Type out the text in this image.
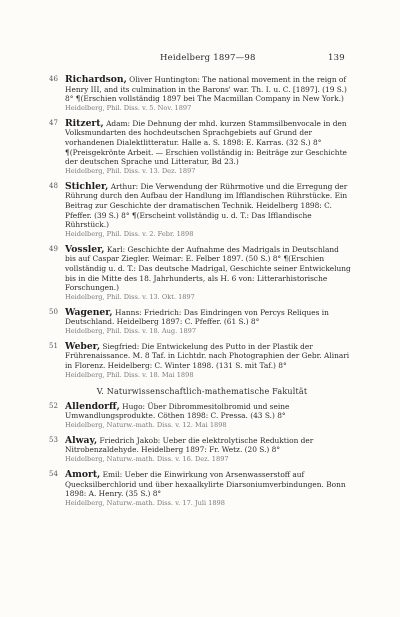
Heidelberg 1897—98	139
46 Richardson, Oliver Huntington: The national movement in the reign of Henry III, and its culmination in the Barons' war. Th. I. u. C. [1897]. (19 S.) 8° ¶(Erschien vollständig 1897 bei The Macmillan Company in New York.)
Heidelberg, Phil. Diss. v. 5. Nov. 1897
47 Ritzert, Adam: Die Dehnung der mhd. kurzen Stammsilbenvocale in den Volksmundarten des hochdeutschen Sprachgebiets auf Grund der vorhandenen Dialektlitteratur. Halle a. S. 1898: E. Karras. (32 S.) 8° ¶(Preisgekrönte Arbeit. — Erschien vollständig in: Beiträge zur Geschichte der deutschen Sprache und Litteratur, Bd 23.)
Heidelberg, Phil. Diss. v. 13. Dez. 1897
48 Stichler, Arthur: Die Verwendung der Rührmotive und die Erregung der Rührung durch den Aufbau der Handlung im Ifflandischen Rührstücke. Ein Beitrag zur Geschichte der dramatischen Technik. Heidelberg 1898: C. Pfeffer. (39 S.) 8° ¶(Erscheint vollständig u. d. T.: Das Ifflandische Rührstück.)
Heidelberg, Phil. Diss. v. 2. Febr. 1898
49 Vossler, Karl: Geschichte der Aufnahme des Madrigals in Deutschland bis auf Caspar Ziegler. Weimar: E. Felber 1897. (50 S.) 8° ¶(Erschien vollständig u. d. T.: Das deutsche Madrigal, Geschichte seiner Entwickelung bis in die Mitte des 18. Jahrhunderts, als H. 6 von: Litterarhistorische Forschungen.)
Heidelberg, Phil. Diss. v. 13. Okt. 1897
50 Wagener, Hanns: Friedrich: Das Eindringen von Percys Reliques in Deutschland. Heidelberg 1897: C. Pfeffer. (61 S.) 8°
Heidelberg, Phil. Diss. v. 18. Aug. 1897
51 Weber, Siegfried: Die Entwickelung des Putto in der Plastik der Frührenaissance. M. 8 Taf. in Lichtdr. nach Photographien der Gebr. Alinari in Florenz. Heidelberg: C. Winter 1898. (131 S. mit Taf.) 8°
Heidelberg, Phil. Diss. v. 18. Mai 1898
V. Naturwissenschaftlich-mathematische Fakultät
52 Allendorff, Hugo: Über Dibrommesitolbromid und seine Umwandlungsprodukte. Cöthen 1898: C. Pressa. (43 S.) 8°
Heidelberg, Naturw.-math. Diss. v. 12. Mai 1898
53 Alway, Friedrich Jakob: Ueber die elektrolytische Reduktion der Nitrobenzaldehyde. Heidelberg 1897: Fr. Wetz. (20 S.) 8°
Heidelberg, Naturw.-math. Diss. v. 16. Dez. 1897
54 Amort, Emil: Ueber die Einwirkung von Arsenwasserstoff auf Quecksilberchlorid und über hexaalkylirte Diarsoniumverbindungen. Bonn 1898: A. Henry. (35 S.) 8°
Heidelberg, Naturw.-math. Diss. v. 17. Juli 1898
